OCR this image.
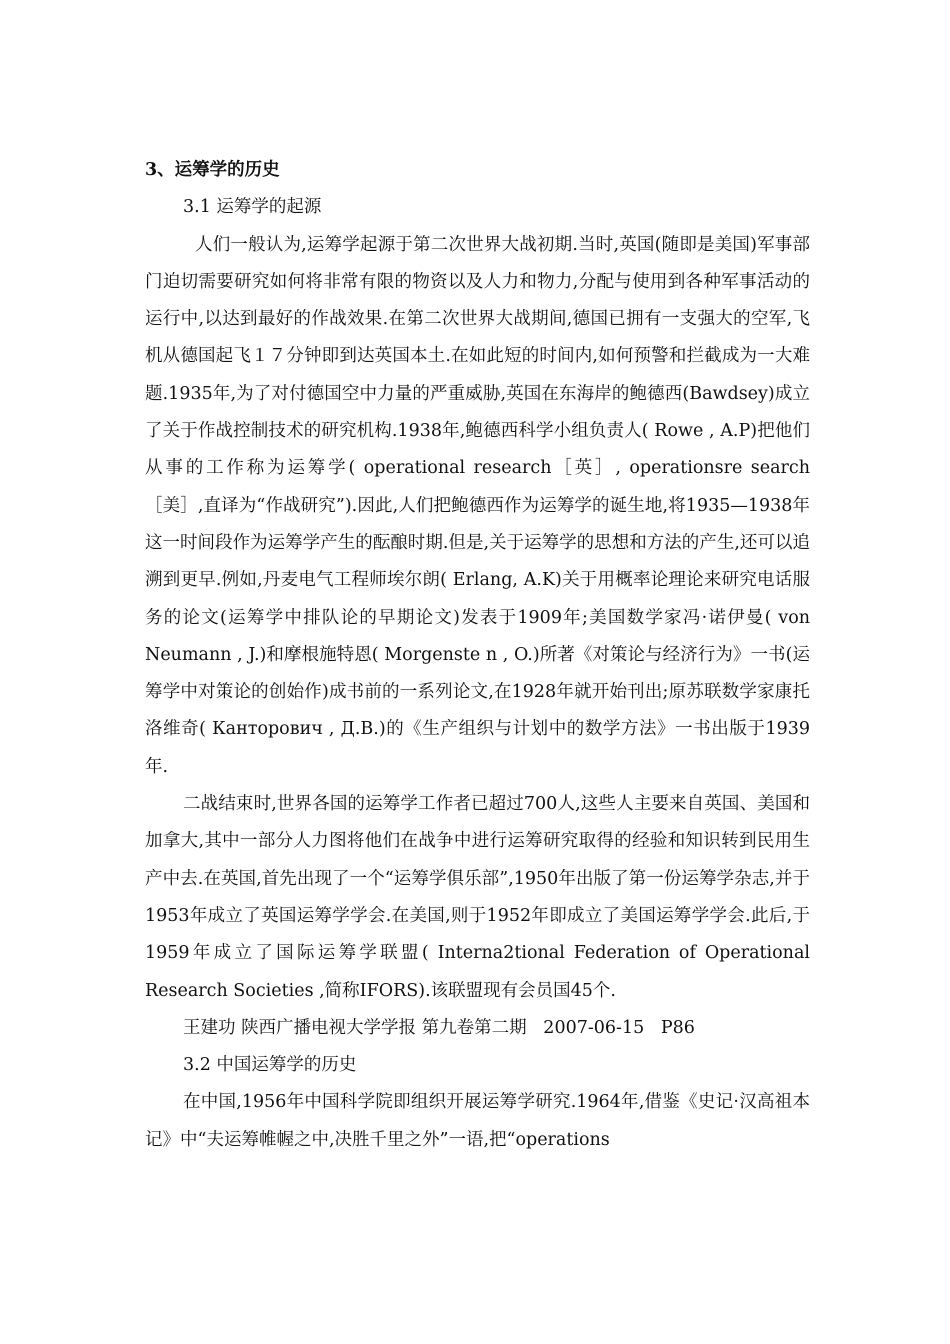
3、运筹学的历史
3.1 运筹学的起源

人们一般认为,运筹学起源于第二次世界大战初期.当时,英国(随即是美国)军事部门迫切需要研究如何将非常有限的物资以及人力和物力,分配与使用到各种军事活动的运行中,以达到最好的作战效果.在第二次世界大战期间,德国已拥有一支强大的空军,飞机从德国起飞１７分钟即到达英国本土.在如此短的时间内,如何预警和拦截成为一大难题.1935年,为了对付德国空中力量的严重威胁,英国在东海岸的鲍德西(Bawdsey)成立了关于作战控制技术的研究机构.1938年,鲍德西科学小组负责人( Rowe , A.P)把他们从事的工作称为运筹学( operational research［英］, operationsre search［美］,直译为“作战研究”).因此,人们把鲍德西作为运筹学的诞生地,将1935—1938年这一时间段作为运筹学产生的酝酿时期.但是,关于运筹学的思想和方法的产生,还可以追溯到更早.例如,丹麦电气工程师埃尔朗( Erlang, A.K)关于用概率论理论来研究电话服务的论文(运筹学中排队论的早期论文)发表于1909年;美国数学家冯·诺伊曼( von Neumann , J.)和摩根施特恩( Morgenste n , O.)所著《对策论与经济行为》一书(运筹学中对策论的创始作)成书前的一系列论文,在1928年就开始刊出;原苏联数学家康托洛维奇( Канторович , Д.В.)的《生产组织与计划中的数学方法》一书出版于1939年.

二战结束时,世界各国的运筹学工作者已超过700人,这些人主要来自英国、美国和加拿大,其中一部分人力图将他们在战争中进行运筹研究取得的经验和知识转到民用生产中去.在英国,首先出现了一个“运筹学俱乐部”,1950年出版了第一份运筹学杂志,并于1953年成立了英国运筹学学会.在美国,则于1952年即成立了美国运筹学学会.此后,于1959年成立了国际运筹学联盟( Interna2tional Federation of Operational Research Societies ,简称IFORS).该联盟现有会员国45个.

王建功 陕西广播电视大学学报 第九卷第二期   2007-06-15   P86
3.2 中国运筹学的历史

在中国,1956年中国科学院即组织开展运筹学研究.1964年,借鉴《史记·汉高祖本记》中“夫运筹帷幄之中,决胜千里之外”一语,把“operations
